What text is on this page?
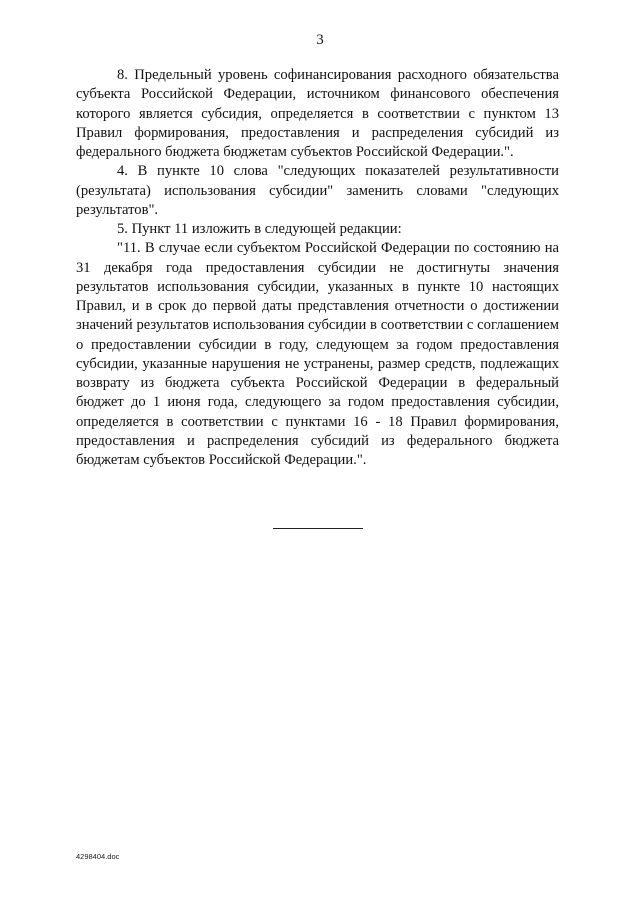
3

8. Предельный уровень софинансирования расходного обязательства субъекта Российской Федерации, источником финансового обеспечения которого является субсидия, определяется в соответствии с пунктом 13 Правил формирования, предоставления и распределения субсидий из федерального бюджета бюджетам субъектов Российской Федерации.".

4. В пункте 10 слова "следующих показателей результативности (результата) использования субсидии" заменить словами "следующих результатов".

5. Пункт 11 изложить в следующей редакции:

"11. В случае если субъектом Российской Федерации по состоянию на 31 декабря года предоставления субсидии не достигнуты значения результатов использования субсидии, указанных в пункте 10 настоящих Правил, и в срок до первой даты представления отчетности о достижении значений результатов использования субсидии в соответствии с соглашением о предоставлении субсидии в году, следующем за годом предоставления субсидии, указанные нарушения не устранены, размер средств, подлежащих возврату из бюджета субъекта Российской Федерации в федеральный бюджет до 1 июня года, следующего за годом предоставления субсидии, определяется в соответствии с пунктами 16 - 18 Правил формирования, предоставления и распределения субсидий из федерального бюджета бюджетам субъектов Российской Федерации.".

4298404.doc
